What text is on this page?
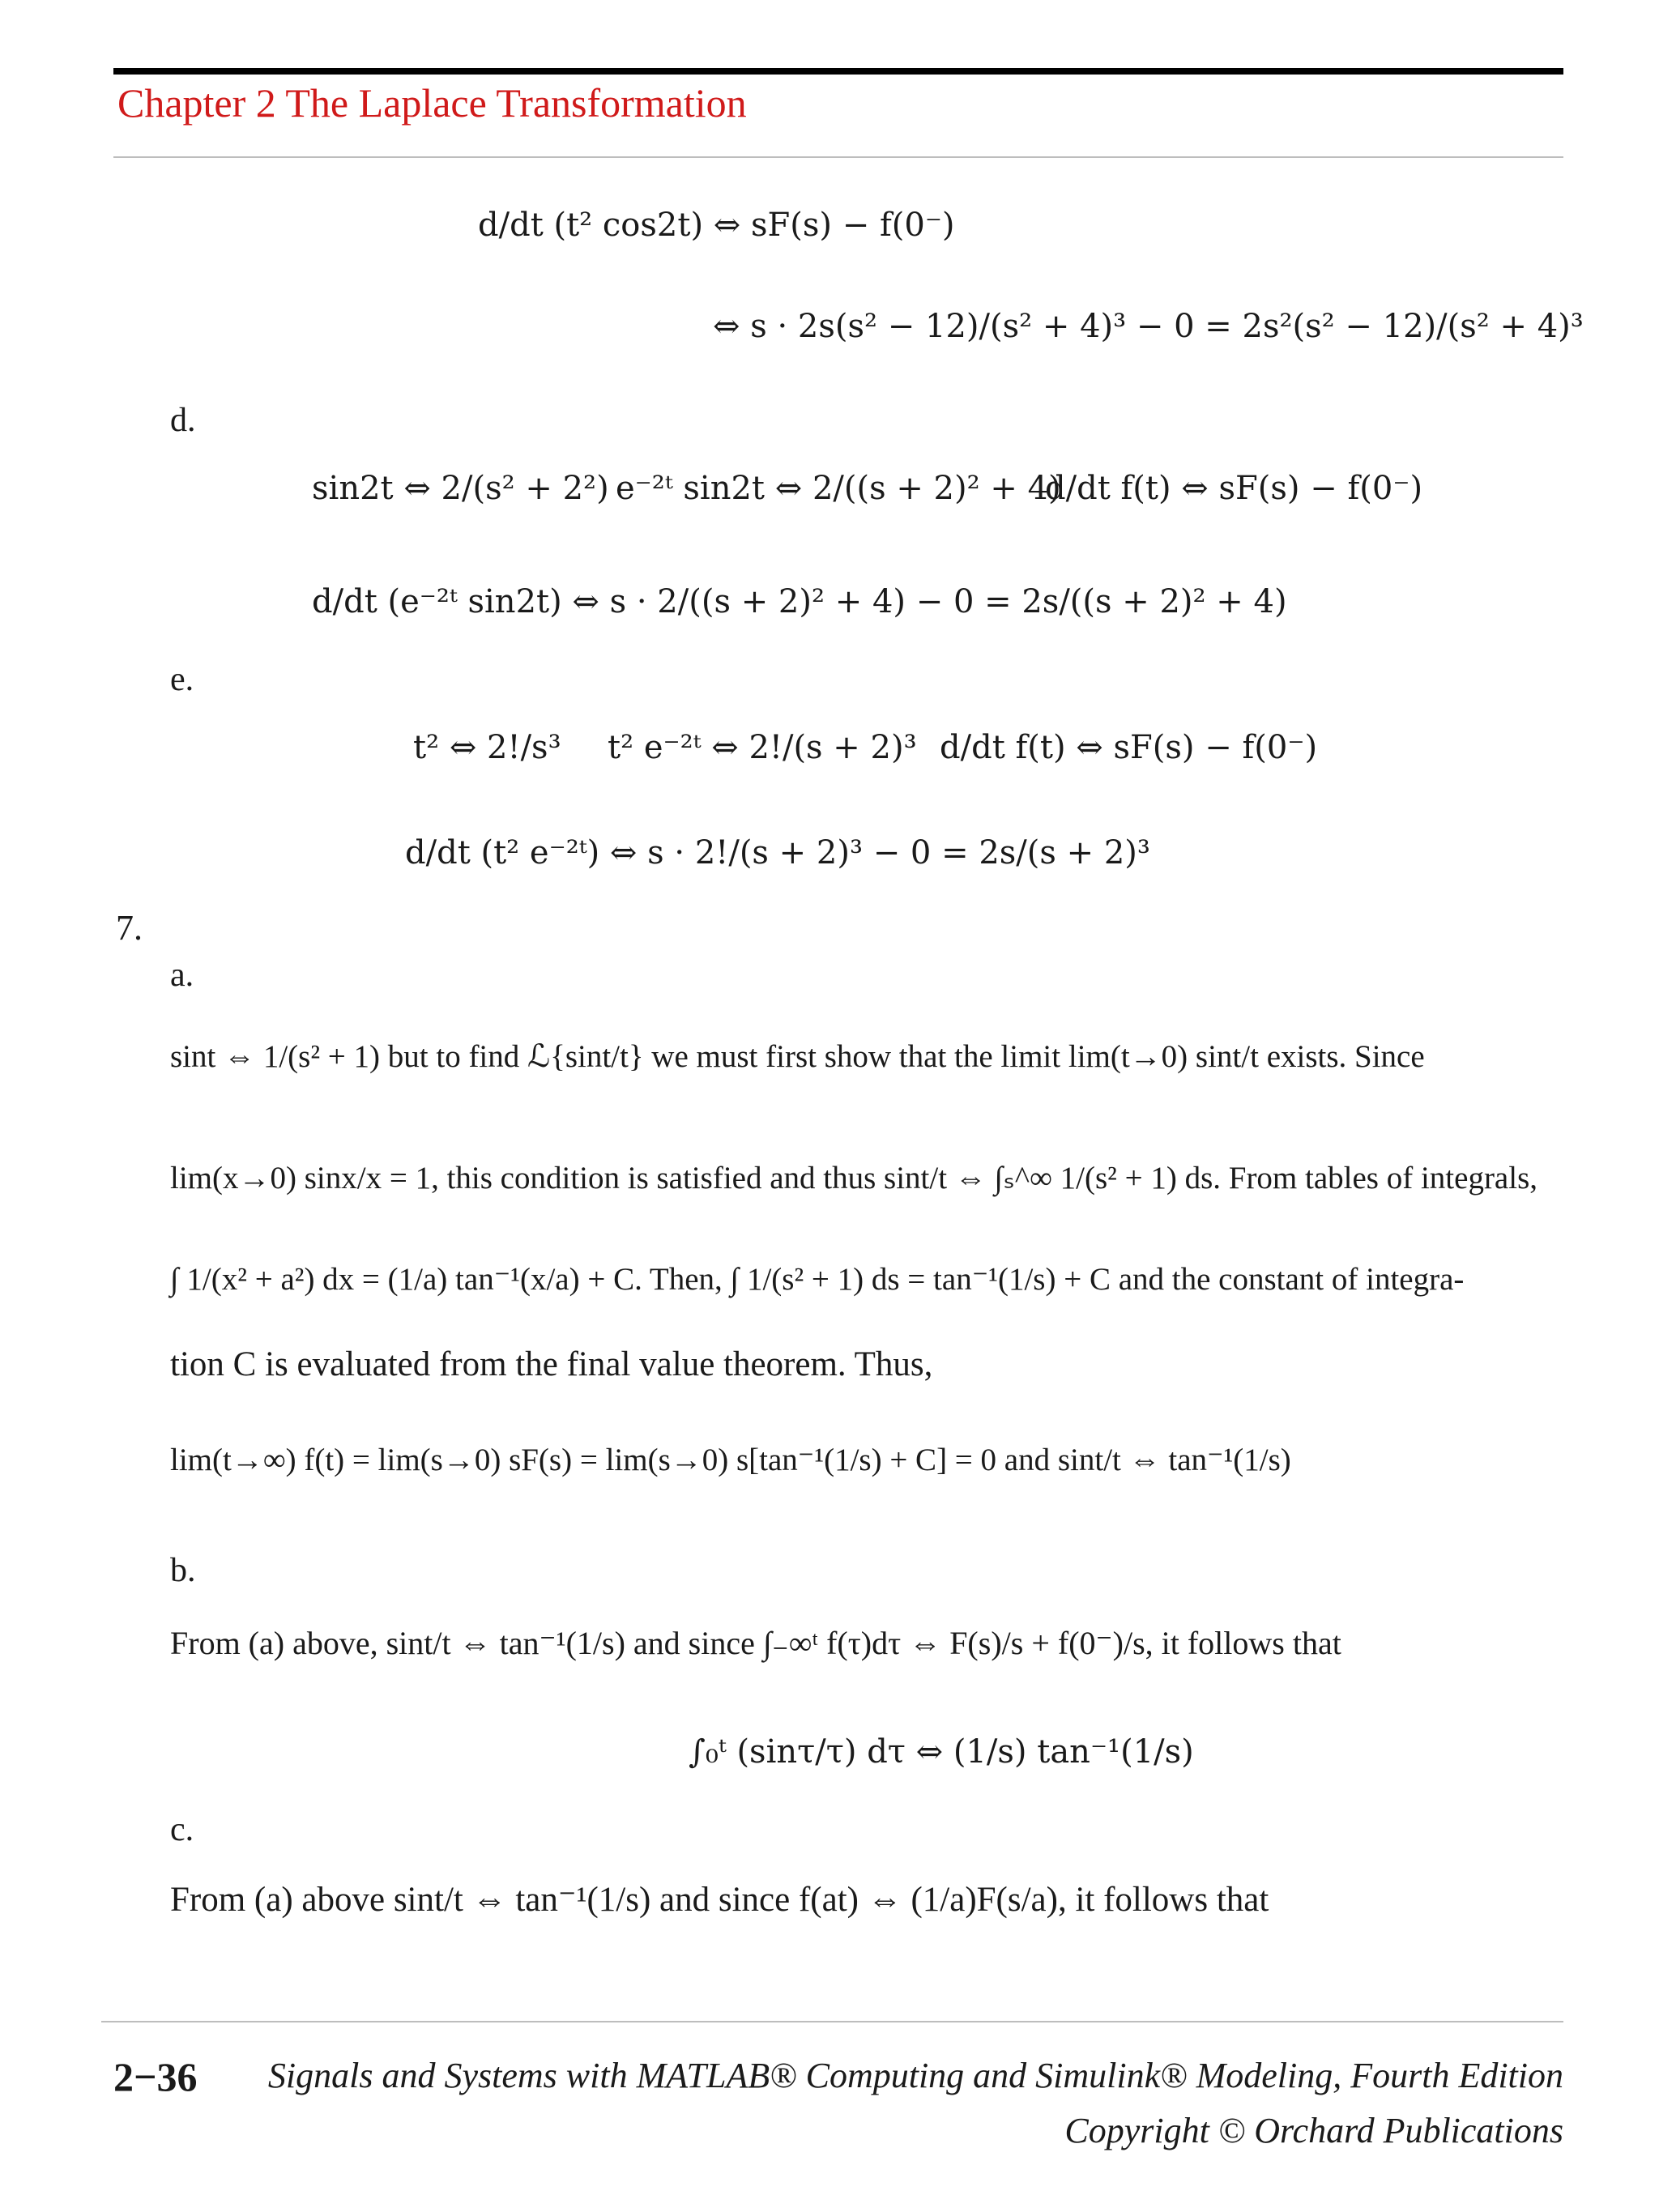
Chapter 2 The Laplace Transformation
d/dt (t² cos2t) ⇔ sF(s) − f(0⁻)
⇔ s · 2s(s² − 12)/(s² + 4)³ − 0 = 2s²(s² − 12)/(s² + 4)³
d.
sin2t ⇔ 2/(s² + 2²) e⁻²ᵗ sin2t ⇔ 2/((s + 2)² + 4)
d/dt f(t) ⇔ sF(s) − f(0⁻)
d/dt (e⁻²ᵗ sin2t) ⇔ s · 2/((s + 2)² + 4) − 0 = 2s/((s + 2)² + 4)
e.
t² ⇔ 2!/s³ t² e⁻²ᵗ ⇔ 2!/(s + 2)³ d/dt f(t) ⇔ sF(s) − f(0⁻)
d/dt (t² e⁻²ᵗ) ⇔ s · 2!/(s + 2)³ − 0 = 2s/(s + 2)³
7.
a.
sint ⇔ 1/(s² + 1) but to find ℒ{sint/t} we must first show that the limit lim(t→0) sint/t exists. Since
lim(x→0) sinx/x = 1, this condition is satisfied and thus sint/t ⇔ ∫ₛ^∞ 1/(s² + 1) ds. From tables of integrals,
∫ 1/(x² + a²) dx = (1/a) tan⁻¹(x/a) + C. Then, ∫ 1/(s² + 1) ds = tan⁻¹(1/s) + C and the constant of integra-
tion C is evaluated from the final value theorem. Thus,
lim(t→∞) f(t) = lim(s→0) sF(s) = lim(s→0) s[tan⁻¹(1/s) + C] = 0 and sint/t ⇔ tan⁻¹(1/s)
b.
From (a) above, sint/t ⇔ tan⁻¹(1/s) and since ∫₋∞ᵗ f(τ)dτ ⇔ F(s)/s + f(0⁻)/s, it follows that
∫₀ᵗ (sinτ/τ) dτ ⇔ (1/s) tan⁻¹(1/s)
c.
From (a) above sint/t ⇔ tan⁻¹(1/s) and since f(at) ⇔ (1/a)F(s/a), it follows that
2−36 Signals and Systems with MATLAB® Computing and Simulink® Modeling, Fourth Edition
Copyright © Orchard Publications
